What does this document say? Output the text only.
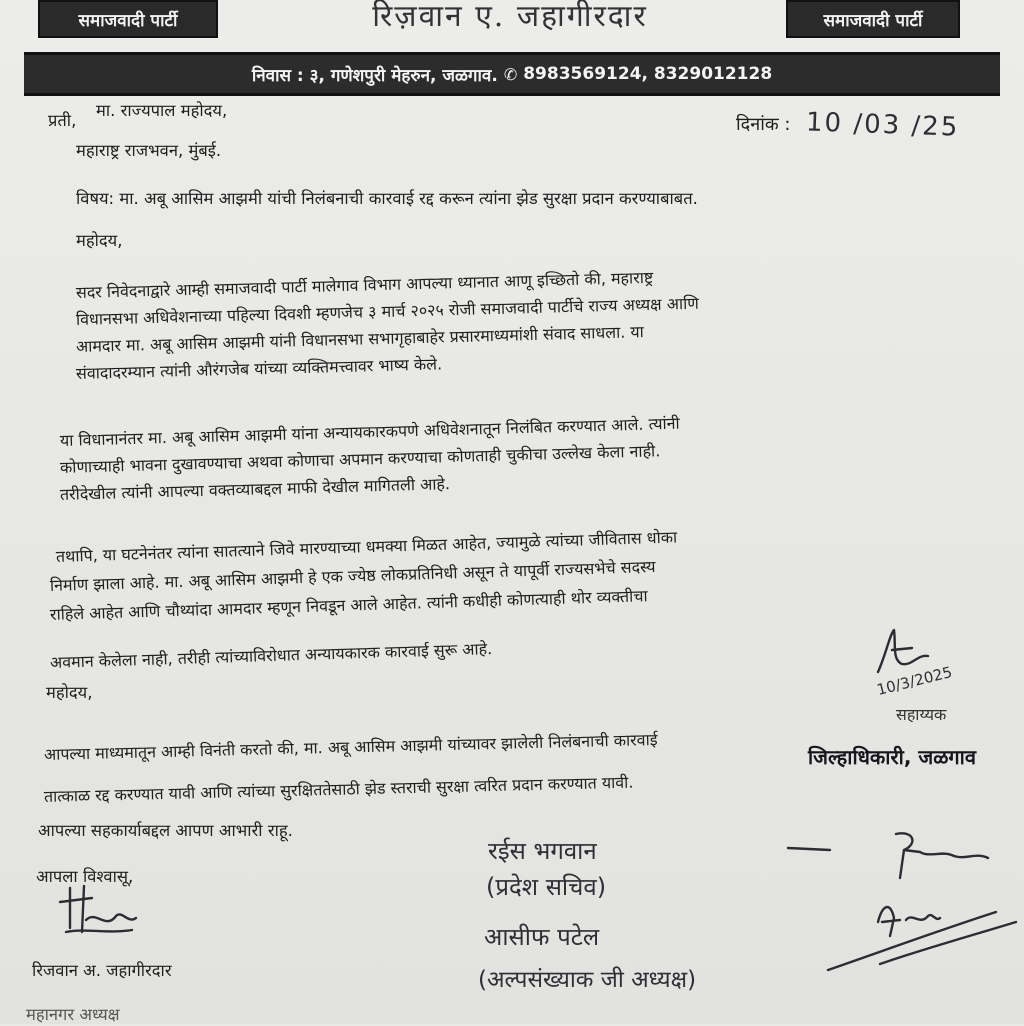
समाजवादी पार्टी	रिज़वान ए. जहागीरदार	समाजवादी पार्टी
निवास : ३, गणेशपुरी मेहरुन, जळगाव. ✆ 8983569124, 8329012128
प्रती,
मा. राज्यपाल महोदय,
महाराष्ट्र राजभवन, मुंबई.
दिनांक : 10 /03 /25
विषय: मा. अबू आसिम आझमी यांची निलंबनाची कारवाई रद्द करून त्यांना झेड सुरक्षा प्रदान करण्याबाबत.
महोदय,
सदर निवेदनाद्वारे आम्ही समाजवादी पार्टी मालेगाव विभाग आपल्या ध्यानात आणू इच्छितो की, महाराष्ट्र
विधानसभा अधिवेशनाच्या पहिल्या दिवशी म्हणजेच ३ मार्च २०२५ रोजी समाजवादी पार्टीचे राज्य अध्यक्ष आणि
आमदार मा. अबू आसिम आझमी यांनी विधानसभा सभागृहाबाहेर प्रसारमाध्यमांशी संवाद साधला. या
संवादादरम्यान त्यांनी औरंगजेब यांच्या व्यक्तिमत्त्वावर भाष्य केले.
या विधानानंतर मा. अबू आसिम आझमी यांना अन्यायकारकपणे अधिवेशनातून निलंबित करण्यात आले. त्यांनी
कोणाच्याही भावना दुखावण्याचा अथवा कोणाचा अपमान करण्याचा कोणताही चुकीचा उल्लेख केला नाही.
तरीदेखील त्यांनी आपल्या वक्तव्याबद्दल माफी देखील मागितली आहे.
तथापि, या घटनेनंतर त्यांना सातत्याने जिवे मारण्याच्या धमक्या मिळत आहेत, ज्यामुळे त्यांच्या जीवितास धोका
निर्माण झाला आहे. मा. अबू आसिम आझमी हे एक ज्येष्ठ लोकप्रतिनिधी असून ते यापूर्वी राज्यसभेचे सदस्य
राहिले आहेत आणि चौथ्यांदा आमदार म्हणून निवडून आले आहेत. त्यांनी कधीही कोणत्याही थोर व्यक्तीचा
अवमान केलेला नाही, तरीही त्यांच्याविरोधात अन्यायकारक कारवाई सुरू आहे.
महोदय,
आपल्या माध्यमातून आम्ही विनंती करतो की, मा. अबू आसिम आझमी यांच्यावर झालेली निलंबनाची कारवाई
तात्काळ रद्द करण्यात यावी आणि त्यांच्या सुरक्षिततेसाठी झेड स्तराची सुरक्षा त्वरित प्रदान करण्यात यावी.
आपल्या सहकार्याबद्दल आपण आभारी राहू.
आपला विश्वासू,
रिजवान अ. जहागीरदार
महानगर अध्यक्ष
10/3/2025
सहाय्यक
जिल्हाधिकारी, जळगाव
रईस भगवान
(प्रदेश सचिव)
आसीफ पटेल
(अल्पसंख्याक जी अध्यक्ष)
